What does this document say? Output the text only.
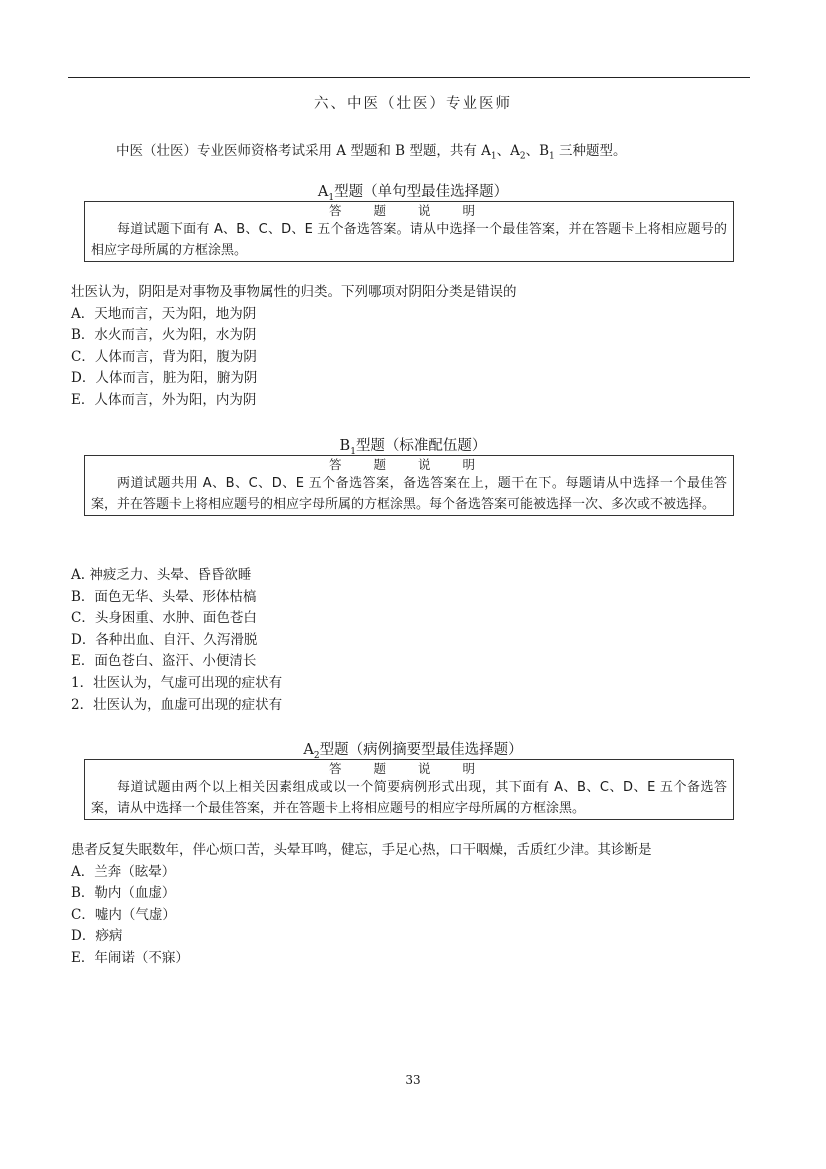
六、中医（壮医）专业医师
中医（壮医）专业医师资格考试采用 A 型题和 B 型题，共有 $A_1$、$A_2$、$B_1$ 三种题型。
$A_1$型题（单句型最佳选择题）
答 题 说 明
每道试题下面有 A、B、C、D、E 五个备选答案。请从中选择一个最佳答案，并在答题卡上将相应题号的相应字母所属的方框涂黑。
壮医认为，阴阳是对事物及事物属性的归类。下列哪项对阴阳分类是错误的
A．天地而言，天为阳，地为阴
B．水火而言，火为阳，水为阴
C．人体而言，背为阳，腹为阴
D．人体而言，脏为阳，腑为阴
E．人体而言，外为阳，内为阴
$B_1$型题（标准配伍题）
答 题 说 明
两道试题共用 A、B、C、D、E 五个备选答案，备选答案在上，题干在下。每题请从中选择一个最佳答案，并在答题卡上将相应题号的相应字母所属的方框涂黑。每个备选答案可能被选择一次、多次或不被选择。
A. 神疲乏力、头晕、昏昏欲睡
B．面色无华、头晕、形体枯槁
C．头身困重、水肿、面色苍白
D．各种出血、自汗、久泻滑脱
E．面色苍白、盗汗、小便清长
1．壮医认为，气虚可出现的症状有
2．壮医认为，血虚可出现的症状有
$A_2$型题（病例摘要型最佳选择题）
答 题 说 明
每道试题由两个以上相关因素组成或以一个简要病例形式出现，其下面有 A、B、C、D、E 五个备选答案，请从中选择一个最佳答案，并在答题卡上将相应题号的相应字母所属的方框涂黑。
患者反复失眠数年，伴心烦口苦，头晕耳鸣，健忘，手足心热，口干咽燥，舌质红少津。其诊断是
A．兰奔（眩晕）
B．勒内（血虚）
C．嘘内（气虚）
D．痧病
E．年闹诺（不寐）
33
